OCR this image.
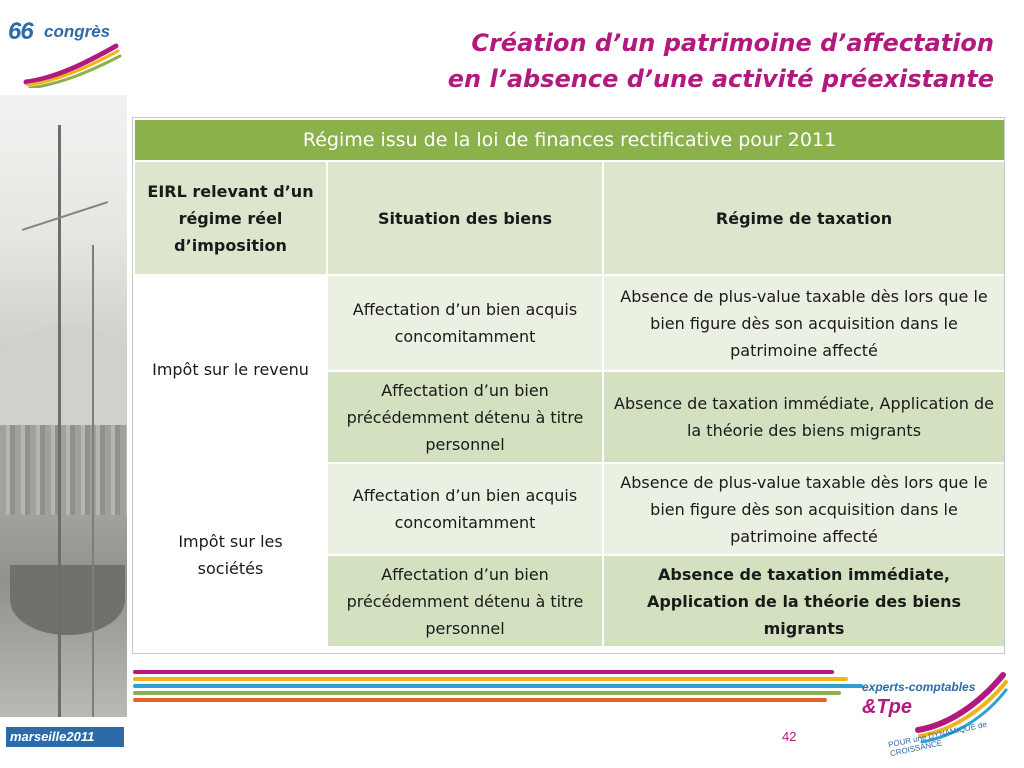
66 congrès	Création d’un patrimoine d’affectation
en l’absence d’une activité préexistante
Régime issu de la loi de finances rectificative pour 2011		
EIRL relevant d’un régime réel d’imposition	Situation des biens	Régime de taxation
Impôt sur le revenu	Affectation d’un bien acquis concomitamment	Absence de plus-value taxable dès lors que le bien figure dès son acquisition dans le patrimoine affecté
	Affectation d’un bien précédemment détenu à titre personnel	Absence de taxation immédiate, Application de la théorie des biens migrants
Impôt sur les sociétés	Affectation d’un bien acquis concomitamment	Absence de plus-value taxable dès lors que le bien figure dès son acquisition dans le patrimoine affecté
	Affectation d’un bien précédemment détenu à titre personnel	Absence de taxation immédiate, Application de la théorie des biens migrants
marseille2011
experts-comptables
&Tpe
POUR une DYNAMIQUE de CROISSANCE
42
